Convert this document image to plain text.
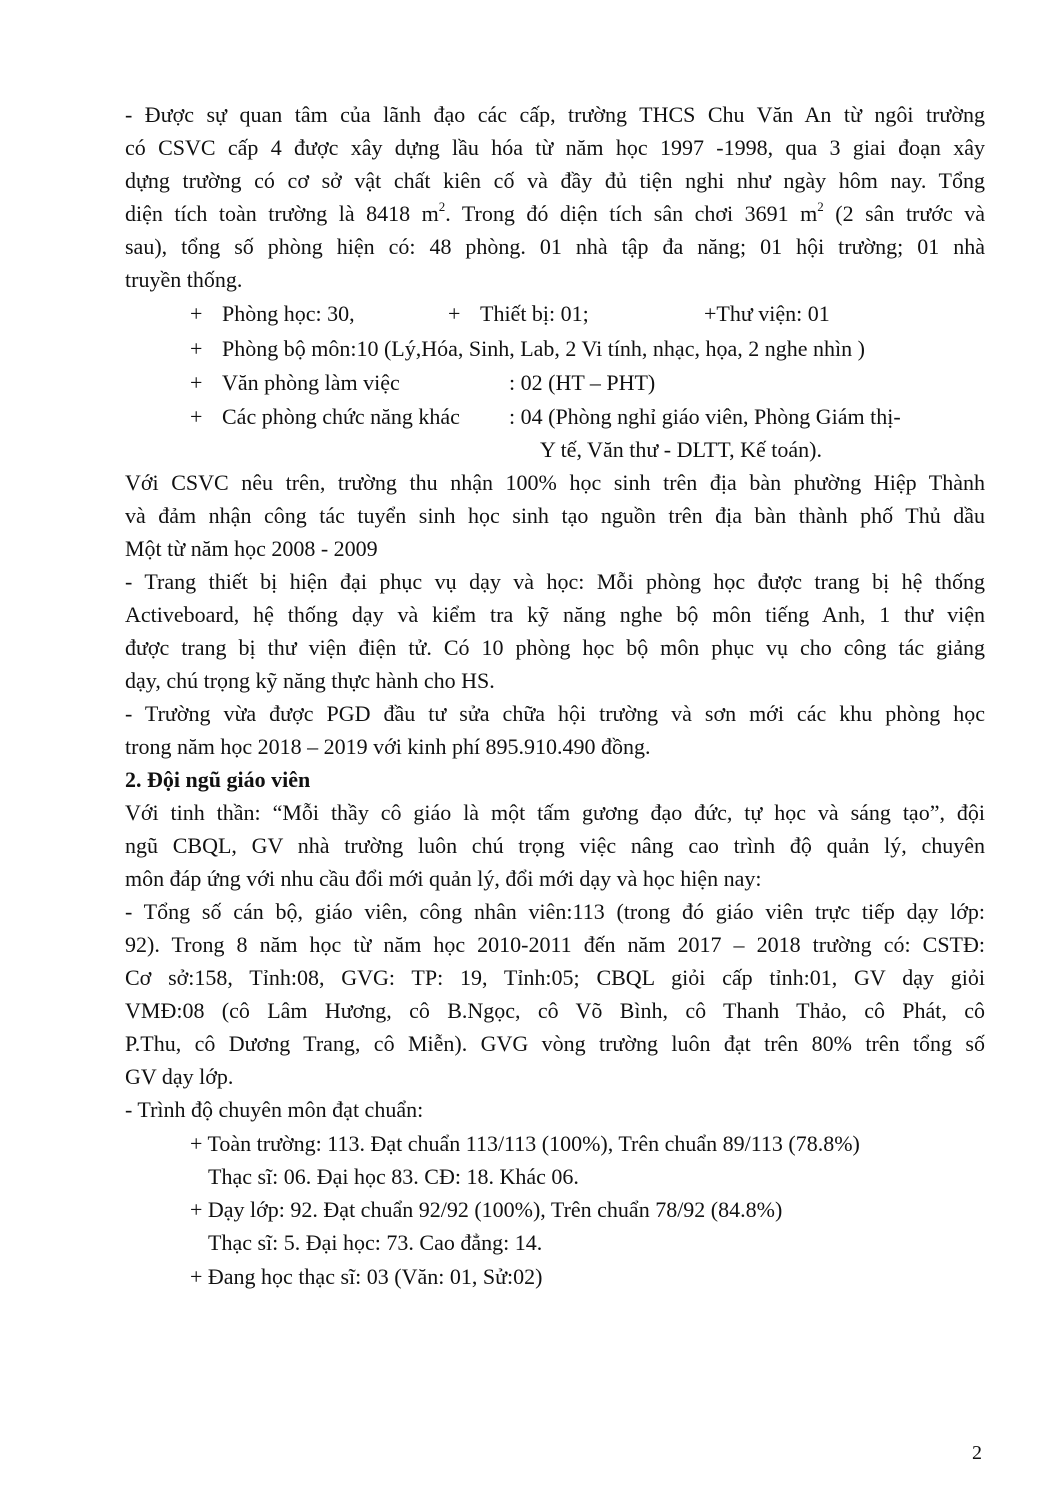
- Được sự quan tâm của lãnh đạo các cấp, trường THCS Chu Văn An từ ngôi trường
có CSVC cấp 4 được xây dựng lầu hóa từ năm học 1997 -1998, qua 3 giai đoạn xây
dựng trường có cơ sở vật chất kiên cố và đầy đủ tiện nghi như ngày hôm nay. Tổng
diện tích toàn trường là 8418 $m^2$. Trong đó diện tích sân chơi 3691 $m^2$ (2 sân trước và
sau), tổng số phòng hiện có: 48 phòng. 01 nhà tập đa năng; 01 hội trường; 01 nhà
truyền thống.
+ Phòng học: 30,	+ Thiết bị: 01;	+Thư viện: 01
+ Phòng bộ môn:10 (Lý,Hóa, Sinh, Lab, 2 Vi tính, nhạc, họa, 2 nghe nhìn )
+ Văn phòng làm việc	: 02 (HT – PHT)
+ Các phòng chức năng khác : 04 (Phòng nghỉ giáo viên, Phòng Giám thị-
Y tế, Văn thư - DLTT, Kế toán).
Với CSVC nêu trên, trường thu nhận 100% học sinh trên địa bàn phường Hiệp Thành
và đảm nhận công tác tuyển sinh học sinh tạo nguồn trên địa bàn thành phố Thủ dầu
Một từ năm học 2008 - 2009
- Trang thiết bị hiện đại phục vụ dạy và học: Mỗi phòng học được trang bị hệ thống
Activeboard, hệ thống dạy và kiểm tra kỹ năng nghe bộ môn tiếng Anh, 1 thư viện
được trang bị thư viện điện tử. Có 10 phòng học bộ môn phục vụ cho công tác giảng
dạy, chú trọng kỹ năng thực hành cho HS.
- Trường vừa được PGD đầu tư sửa chữa hội trường và sơn mới các khu phòng học
trong năm học 2018 – 2019 với kinh phí 895.910.490 đồng.
2. Đội ngũ giáo viên
Với tinh thần: “Mỗi thầy cô giáo là một tấm gương đạo đức, tự học và sáng tạo”, đội
ngũ CBQL, GV nhà trường luôn chú trọng việc nâng cao trình độ quản lý, chuyên
môn đáp ứng với nhu cầu đổi mới quản lý, đổi mới dạy và học hiện nay:
- Tổng số cán bộ, giáo viên, công nhân viên:113 (trong đó giáo viên trực tiếp dạy lớp:
92). Trong 8 năm học từ năm học 2010-2011 đến năm 2017 – 2018 trường có: CSTĐ:
Cơ sở:158, Tỉnh:08, GVG: TP: 19, Tỉnh:05; CBQL giỏi cấp tỉnh:01, GV dạy giỏi
VMĐ:08 (cô Lâm Hương, cô B.Ngọc, cô Võ Bình, cô Thanh Thảo, cô Phát, cô
P.Thu, cô Dương Trang, cô Miễn). GVG vòng trường luôn đạt trên 80% trên tổng số
GV dạy lớp.
- Trình độ chuyên môn đạt chuẩn:
+ Toàn trường: 113. Đạt chuẩn 113/113 (100%), Trên chuẩn 89/113 (78.8%)
Thạc sĩ: 06. Đại học 83. CĐ: 18. Khác 06.
+ Dạy lớp: 92. Đạt chuẩn 92/92 (100%), Trên chuẩn 78/92 (84.8%)
Thạc sĩ: 5. Đại học: 73. Cao đẳng: 14.
+ Đang học thạc sĩ: 03 (Văn: 01, Sử:02)
2
